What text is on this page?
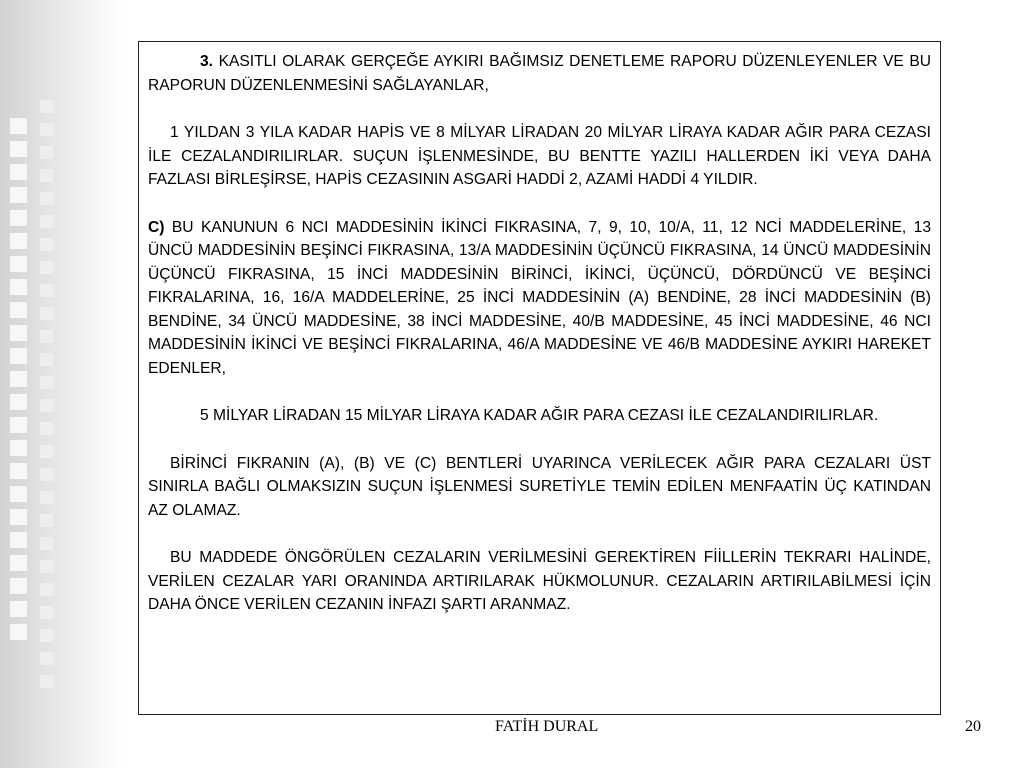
3. KASITLI OLARAK GERÇEĞE AYKIRI BAĞIMSIZ DENETLEME RAPORU DÜZENLEYENLER VE BU RAPORUN DÜZENLENMESİNİ SAĞLAYANLAR,

1 YILDAN 3 YILA KADAR HAPİS VE 8 MİLYAR LİRADAN 20 MİLYAR LİRAYA KADAR AĞIR PARA CEZASI İLE CEZALANDIRILIRLAR. SUÇUN İŞLENMESİNDE, BU BENTTE YAZILI HALLERDEN İKİ VEYA DAHA FAZLASI BİRLEŞİRSE, HAPİS CEZASININ ASGARİ HADDİ 2, AZAMİ HADDİ 4 YILDIR.

C) BU KANUNUN 6 NCI MADDESİNİN İKİNCİ FIKRASINA, 7, 9, 10, 10/A, 11, 12 NCİ MADDELERİNE, 13 ÜNCÜ MADDESİNİN BEŞİNCİ FIKRASINA, 13/A MADDESİNİN ÜÇÜNCÜ FIKRASINA, 14 ÜNCÜ MADDESİNİN ÜÇÜNCÜ FIKRASINA, 15 İNCİ MADDESİNİN BİRİNCİ, İKİNCİ, ÜÇÜNCÜ, DÖRDÜNCÜ VE BEŞİNCİ FIKRALARINA, 16, 16/A MADDELERİNE, 25 İNCİ MADDESİNİN (A) BENDİNE, 28 İNCİ MADDESİNİN (B) BENDİNE, 34 ÜNCÜ MADDESİNE, 38 İNCİ MADDESİNE, 40/B MADDESİNE, 45 İNCİ MADDESİNE, 46 NCI MADDESİNİN İKİNCİ VE BEŞİNCİ FIKRALARINA, 46/A MADDESİNE VE 46/B MADDESİNE AYKIRI HAREKET EDENLER,

5 MİLYAR LİRADAN 15 MİLYAR LİRAYA KADAR AĞIR PARA CEZASI İLE CEZALANDIRILIRLAR.

BİRİNCİ FIKRANIN (A), (B) VE (C) BENTLERİ UYARINCA VERİLECEK AĞIR PARA CEZALARI ÜST SINIRLA BAĞLI OLMAKSIZIN SUÇUN İŞLENMESİ SURETİYLE TEMİN EDİLEN MENFAATİN ÜÇ KATINDAN AZ OLAMAZ.

BU MADDEDE ÖNGÖRÜLEN CEZALARIN VERİLMESİNİ GEREKTİREN FİİLLERİN TEKRARI HALİNDE, VERİLEN CEZALAR YARI ORANINDA ARTIRILARAK HÜKMOLUNUR. CEZALARIN ARTIRILABİLMESİ İÇİN DAHA ÖNCE VERİLEN CEZANIN İNFAZI ŞARTI ARANMAZ.

FATİH DURAL	20
